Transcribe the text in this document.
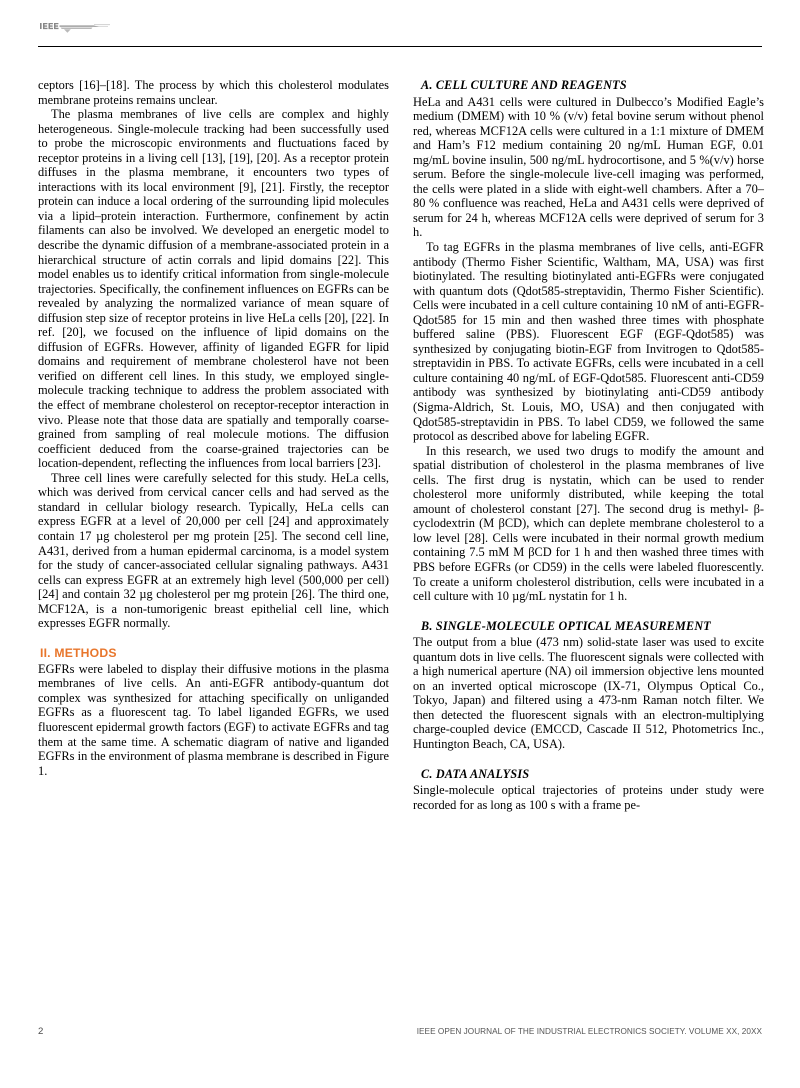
ceptors [16]–[18]. The process by which this cholesterol modulates membrane proteins remains unclear.

The plasma membranes of live cells are complex and highly heterogeneous. Single-molecule tracking had been successfully used to probe the microscopic environments and fluctuations faced by receptor proteins in a living cell [13], [19], [20]. As a receptor protein diffuses in the plasma membrane, it encounters two types of interactions with its local environment [9], [21]. Firstly, the receptor protein can induce a local ordering of the surrounding lipid molecules via a lipid–protein interaction. Furthermore, confinement by actin filaments can also be involved. We developed an energetic model to describe the dynamic diffusion of a membrane-associated protein in a hierarchical structure of actin corrals and lipid domains [22]. This model enables us to identify critical information from single-molecule trajectories. Specifically, the confinement influences on EGFRs can be revealed by analyzing the normalized variance of mean square of diffusion step size of receptor proteins in live HeLa cells [20], [22]. In ref. [20], we focused on the influence of lipid domains on the diffusion of EGFRs. However, affinity of liganded EGFR for lipid domains and requirement of membrane cholesterol have not been verified on different cell lines. In this study, we employed single-molecule tracking technique to address the problem associated with the effect of membrane cholesterol on receptor-receptor interaction in vivo. Please note that those data are spatially and temporally coarse-grained from sampling of real molecule motions. The diffusion coefficient deduced from the coarse-grained trajectories can be location-dependent, reflecting the influences from local barriers [23].

Three cell lines were carefully selected for this study. HeLa cells, which was derived from cervical cancer cells and had served as the standard in cellular biology research. Typically, HeLa cells can express EGFR at a level of 20,000 per cell [24] and approximately contain 17 µg cholesterol per mg protein [25]. The second cell line, A431, derived from a human epidermal carcinoma, is a model system for the study of cancer-associated cellular signaling pathways. A431 cells can express EGFR at an extremely high level (500,000 per cell) [24] and contain 32 µg cholesterol per mg protein [26]. The third one, MCF12A, is a non-tumorigenic breast epithelial cell line, which expresses EGFR normally.

II. METHODS

EGFRs were labeled to display their diffusive motions in the plasma membranes of live cells. An anti-EGFR antibody-quantum dot complex was synthesized for attaching specifically on unliganded EGFRs as a fluorescent tag. To label liganded EGFRs, we used fluorescent epidermal growth factors (EGF) to activate EGFRs and tag them at the same time. A schematic diagram of native and liganded EGFRs in the environment of plasma membrane is described in Figure 1.

A. CELL CULTURE AND REAGENTS

HeLa and A431 cells were cultured in Dulbecco’s Modified Eagle’s medium (DMEM) with 10 % (v/v) fetal bovine serum without phenol red, whereas MCF12A cells were cultured in a 1:1 mixture of DMEM and Ham’s F12 medium containing 20 ng/mL Human EGF, 0.01 mg/mL bovine insulin, 500 ng/mL hydrocortisone, and 5 %(v/v) horse serum. Before the single-molecule live-cell imaging was performed, the cells were plated in a slide with eight-well chambers. After a 70–80 % confluence was reached, HeLa and A431 cells were deprived of serum for 24 h, whereas MCF12A cells were deprived of serum for 3 h.

To tag EGFRs in the plasma membranes of live cells, anti-EGFR antibody (Thermo Fisher Scientific, Waltham, MA, USA) was first biotinylated. The resulting biotinylated anti-EGFRs were conjugated with quantum dots (Qdot585-streptavidin, Thermo Fisher Scientific). Cells were incubated in a cell culture containing 10 nM of anti-EGFR-Qdot585 for 15 min and then washed three times with phosphate buffered saline (PBS). Fluorescent EGF (EGF-Qdot585) was synthesized by conjugating biotin-EGF from Invitrogen to Qdot585-streptavidin in PBS. To activate EGFRs, cells were incubated in a cell culture containing 40 ng/mL of EGF-Qdot585. Fluorescent anti-CD59 antibody was synthesized by biotinylating anti-CD59 antibody (Sigma-Aldrich, St. Louis, MO, USA) and then conjugated with Qdot585-streptavidin in PBS. To label CD59, we followed the same protocol as described above for labeling EGFR.

In this research, we used two drugs to modify the amount and spatial distribution of cholesterol in the plasma membranes of live cells. The first drug is nystatin, which can be used to render cholesterol more uniformly distributed, while keeping the total amount of cholesterol constant [27]. The second drug is methyl- β-cyclodextrin (M βCD), which can deplete membrane cholesterol to a low level [28]. Cells were incubated in their normal growth medium containing 7.5 mM M βCD for 1 h and then washed three times with PBS before EGFRs (or CD59) in the cells were labeled fluorescently. To create a uniform cholesterol distribution, cells were incubated in a cell culture with 10 µg/mL nystatin for 1 h.

B. SINGLE-MOLECULE OPTICAL MEASUREMENT

The output from a blue (473 nm) solid-state laser was used to excite quantum dots in live cells. The fluorescent signals were collected with a high numerical aperture (NA) oil immersion objective lens mounted on an inverted optical microscope (IX-71, Olympus Optical Co., Tokyo, Japan) and filtered using a 473-nm Raman notch filter. We then detected the fluorescent signals with an electron-multiplying charge-coupled device (EMCCD, Cascade II 512, Photometrics Inc., Huntington Beach, CA, USA).

C. DATA ANALYSIS

Single-molecule optical trajectories of proteins under study were recorded for as long as 100 s with a frame pe-

2	IEEE OPEN JOURNAL OF THE INDUSTRIAL ELECTRONICS SOCIETY. VOLUME XX, 20XX
